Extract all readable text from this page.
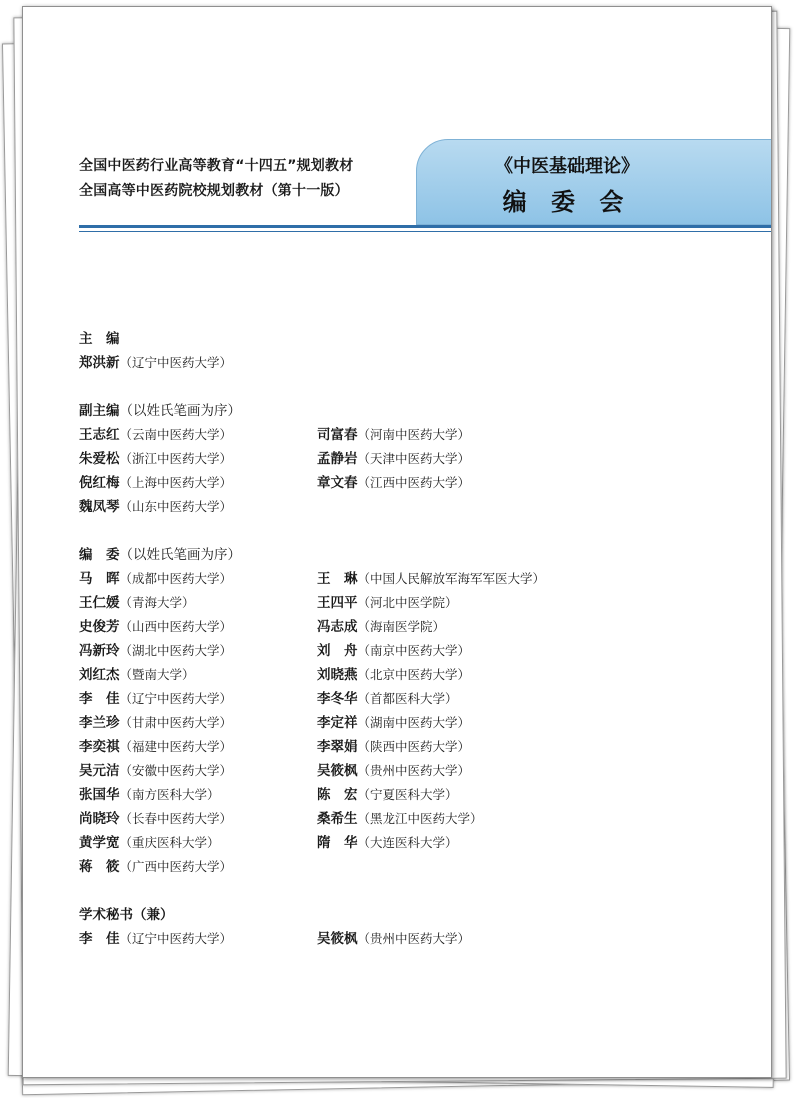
全国中医药行业高等教育“十四五”规划教材
全国高等中医药院校规划教材（第十一版）
《中医基础理论》
编 委 会
主　编
郑洪新（辽宁中医药大学）
副主编（以姓氏笔画为序）
王志红（云南中医药大学）	司富春（河南中医药大学）
朱爱松（浙江中医药大学）	孟静岩（天津中医药大学）
倪红梅（上海中医药大学）	章文春（江西中医药大学）
魏凤琴（山东中医药大学）
编　委（以姓氏笔画为序）
马　晖（成都中医药大学）	王　琳（中国人民解放军海军军医大学）
王仁媛（青海大学）	王四平（河北中医学院）
史俊芳（山西中医药大学）	冯志成（海南医学院）
冯新玲（湖北中医药大学）	刘　舟（南京中医药大学）
刘红杰（暨南大学）	刘晓燕（北京中医药大学）
李　佳（辽宁中医药大学）	李冬华（首都医科大学）
李兰珍（甘肃中医药大学）	李定祥（湖南中医药大学）
李奕祺（福建中医药大学）	李翠娟（陕西中医药大学）
吴元洁（安徽中医药大学）	吴筱枫（贵州中医药大学）
张国华（南方医科大学）	陈　宏（宁夏医科大学）
尚晓玲（长春中医药大学）	桑希生（黑龙江中医药大学）
黄学宽（重庆医科大学）	隋　华（大连医科大学）
蒋　筱（广西中医药大学）
学术秘书（兼）
李　佳（辽宁中医药大学）	吴筱枫（贵州中医药大学）
